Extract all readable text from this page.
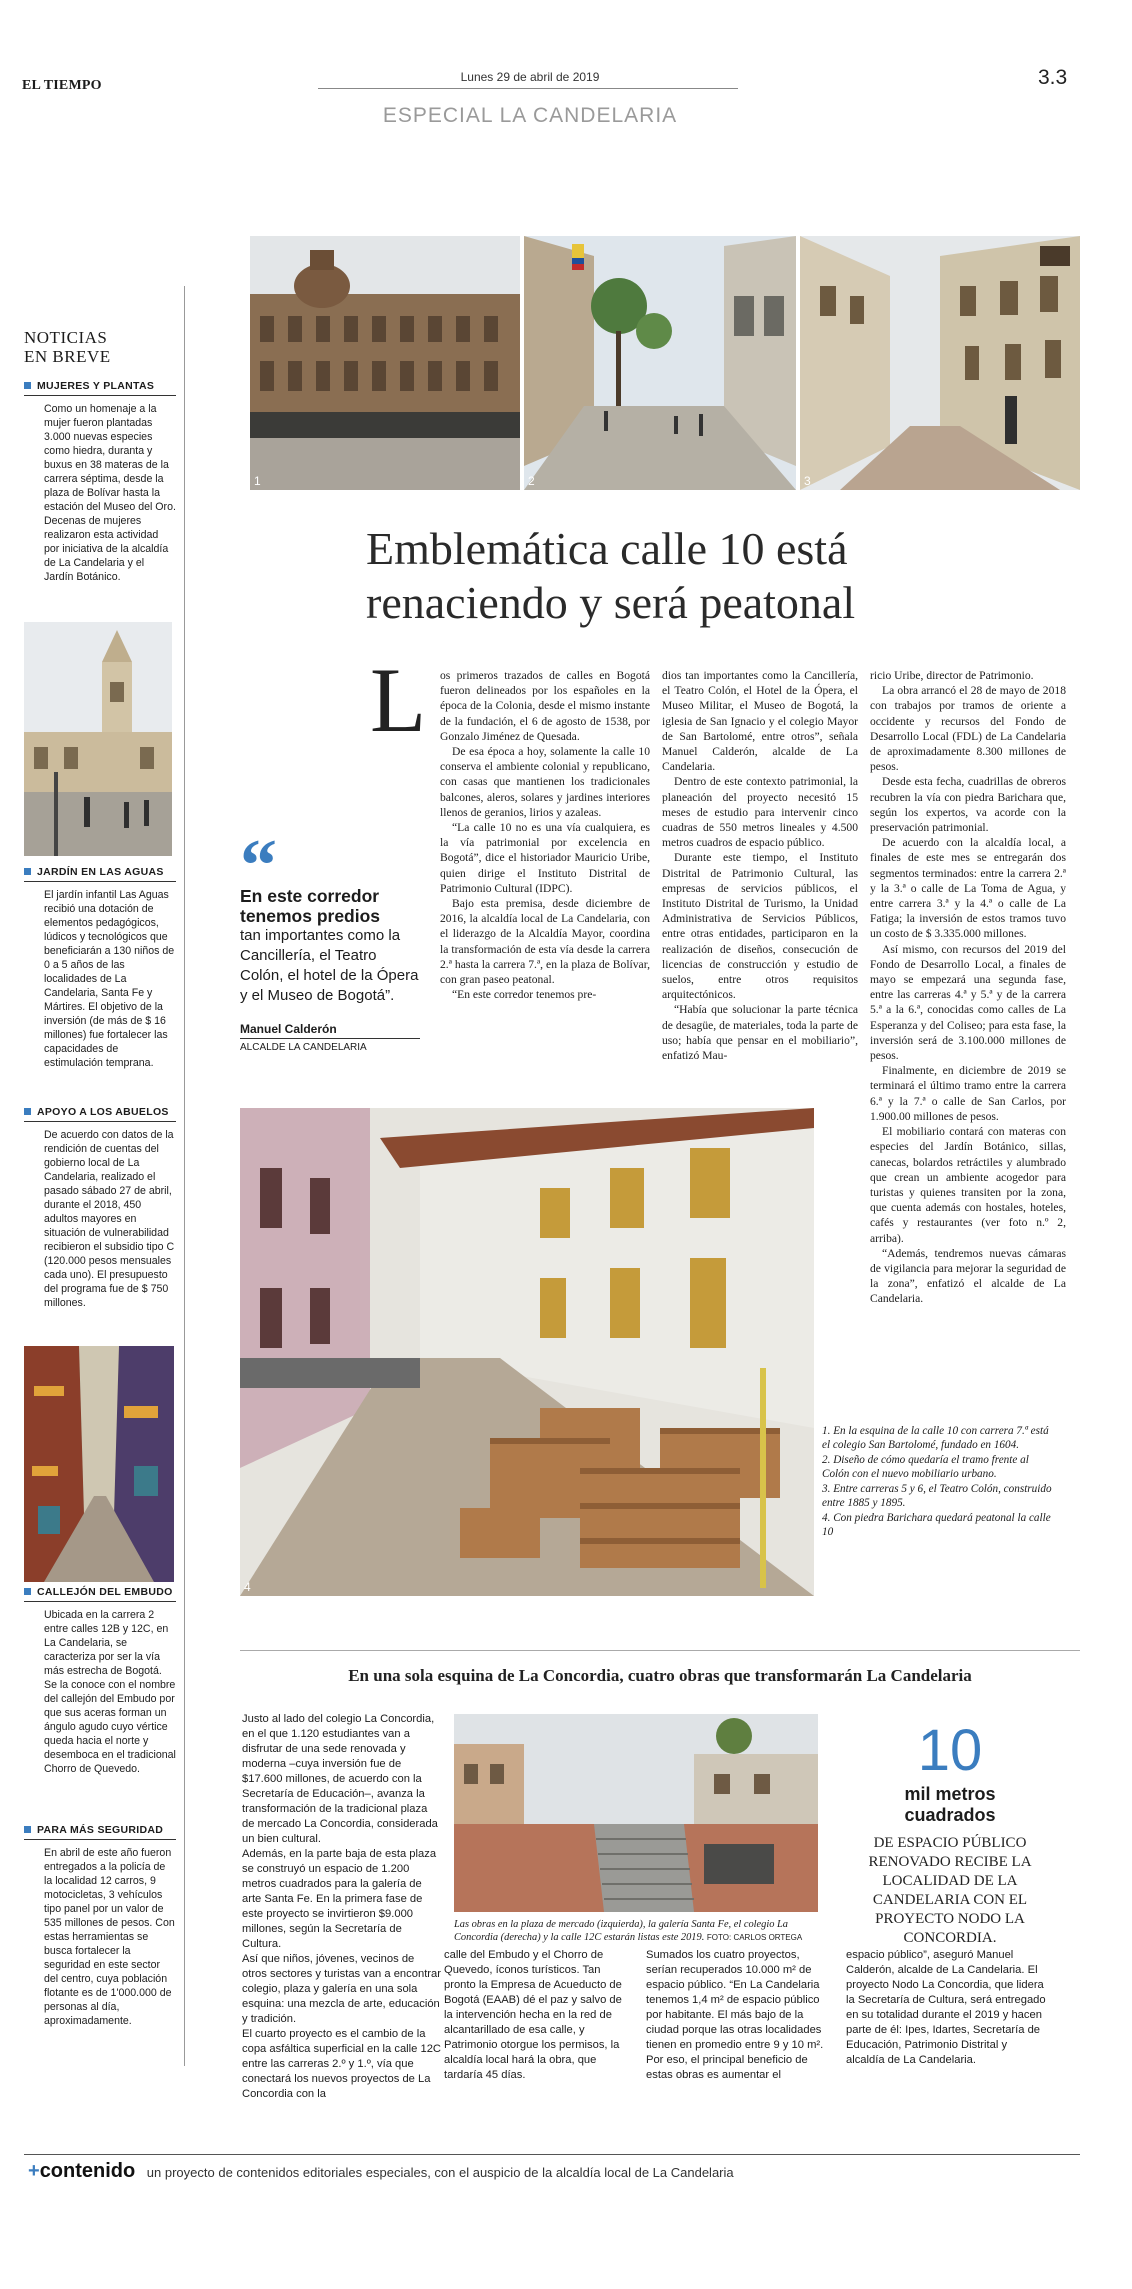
EL TIEMPO
Lunes 29 de abril de 2019	3.3
ESPECIAL LA CANDELARIA
1	2	3
NOTICIAS
EN BREVE
MUJERES Y PLANTAS
Como un homenaje a la mujer fueron plantadas 3.000 nuevas especies como hiedra, duranta y buxus en 38 materas de la carrera séptima, desde la plaza de Bolívar hasta la estación del Museo del Oro. Decenas de mujeres realizaron esta actividad por iniciativa de la alcaldía de La Candelaria y el Jardín Botánico.
JARDÍN EN LAS AGUAS
El jardín infantil Las Aguas recibió una dotación de elementos pedagógicos, lúdicos y tecnológicos que beneficiarán a 130 niños de 0 a 5 años de las localidades de La Candelaria, Santa Fe y Mártires. El objetivo de la inversión (de más de $ 16 millones) fue fortalecer las capacidades de estimulación temprana.
APOYO A LOS ABUELOS
De acuerdo con datos de la rendición de cuentas del gobierno local de La Candelaria, realizado el pasado sábado 27 de abril, durante el 2018, 450 adultos mayores en situación de vulnerabilidad recibieron el subsidio tipo C (120.000 pesos mensuales cada uno). El presupuesto del programa fue de $ 750 millones.
CALLEJÓN DEL EMBUDO
Ubicada en la carrera 2 entre calles 12B y 12C, en La Candelaria, se caracteriza por ser la vía más estrecha de Bogotá. Se la conoce con el nombre del callejón del Embudo por que sus aceras forman un ángulo agudo cuyo vértice queda hacia el norte y desemboca en el tradicional Chorro de Quevedo.
PARA MÁS SEGURIDAD
En abril de este año fueron entregados a la policía de la localidad 12 carros, 9 motocicletas, 3 vehículos tipo panel por un valor de 535 millones de pesos. Con estas herramientas se busca fortalecer la seguridad en este sector del centro, cuya población flotante es de 1'000.000 de personas al día, aproximadamente.
Emblemática calle 10 está
renaciendo y será peatonal
“
En este corredor tenemos predios
tan importantes como la Cancillería, el Teatro Colón, el hotel de la Ópera y el Museo de Bogotá”.
Manuel Calderón
ALCALDE LA CANDELARIA
L os primeros trazados de calles en Bogotá fueron delineados por los españoles en la época de la Colonia, desde el mismo instante de la fundación, el 6 de agosto de 1538, por Gonzalo Jiménez de Quesada.

De esa época a hoy, solamente la calle 10 conserva el ambiente colonial y republicano, con casas que mantienen los tradicionales balcones, aleros, solares y jardines interiores llenos de geranios, lirios y azaleas.

“La calle 10 no es una vía cualquiera, es la vía patrimonial por excelencia en Bogotá”, dice el historiador Mauricio Uribe, quien dirige el Instituto Distrital de Patrimonio Cultural (IDPC).

Bajo esta premisa, desde diciembre de 2016, la alcaldía local de La Candelaria, con el liderazgo de la Alcaldía Mayor, coordina la transformación de esta vía desde la carrera 2.ª hasta la carrera 7.ª, en la plaza de Bolívar, con gran paseo peatonal.

“En este corredor tenemos pre-

dios tan importantes como la Cancillería, el Teatro Colón, el Hotel de la Ópera, el Museo Militar, el Museo de Bogotá, la iglesia de San Ignacio y el colegio Mayor de San Bartolomé, entre otros”, señala Manuel Calderón, alcalde de La Candelaria.

Dentro de este contexto patrimonial, la planeación del proyecto necesitó 15 meses de estudio para intervenir cinco cuadras de 550 metros lineales y 4.500 metros cuadros de espacio público.

Durante este tiempo, el Instituto Distrital de Patrimonio Cultural, las empresas de servicios públicos, el Instituto Distrital de Turismo, la Unidad Administrativa de Servicios Públicos, entre otras entidades, participaron en la realización de diseños, consecución de licencias de construcción y estudio de suelos, entre otros requisitos arquitectónicos.

“Había que solucionar la parte técnica de desagüe, de materiales, toda la parte de uso; había que pensar en el mobiliario”, enfatizó Mau-

ricio Uribe, director de Patrimonio.

La obra arrancó el 28 de mayo de 2018 con trabajos por tramos de oriente a occidente y recursos del Fondo de Desarrollo Local (FDL) de La Candelaria de aproximadamente 8.300 millones de pesos.

Desde esta fecha, cuadrillas de obreros recubren la vía con piedra Barichara que, según los expertos, va acorde con la preservación patrimonial.

De acuerdo con la alcaldía local, a finales de este mes se entregarán dos segmentos terminados: entre la carrera 2.ª y la 3.ª o calle de La Toma de Agua, y entre carrera 3.ª y la 4.ª o calle de La Fatiga; la inversión de estos tramos tuvo un costo de $ 3.335.000 millones.

Así mismo, con recursos del 2019 del Fondo de Desarrollo Local, a finales de mayo se empezará una segunda fase, entre las carreras 4.ª y 5.ª y de la carrera 5.ª a la 6.ª, conocidas como calles de La Esperanza y del Coliseo; para esta fase, la inversión será de 3.100.000 millones de pesos.

Finalmente, en diciembre de 2019 se terminará el último tramo entre la carrera 6.ª y la 7.ª o calle de San Carlos, por 1.900.00 millones de pesos.

El mobiliario contará con materas con especies del Jardín Botánico, sillas, canecas, bolardos retráctiles y alumbrado que crean un ambiente acogedor para turistas y quienes transiten por la zona, que cuenta además con hostales, hoteles, cafés y restaurantes (ver foto n.º 2, arriba).

“Además, tendremos nuevas cámaras de vigilancia para mejorar la seguridad de la zona”, enfatizó el alcalde de La Candelaria.

4
1. En la esquina de la calle 10 con carrera 7.ª está el colegio San Bartolomé, fundado en 1604.
2. Diseño de cómo quedaría el tramo frente al Colón con el nuevo mobiliario urbano.
3. Entre carreras 5 y 6, el Teatro Colón, construido entre 1885 y 1895.
4. Con piedra Barichara quedará peatonal la calle 10
En una sola esquina de La Concordia, cuatro obras que transformarán La Candelaria

Justo al lado del colegio La Concordia, en el que 1.120 estudiantes van a disfrutar de una sede renovada y moderna –cuya inversión fue de $17.600 millones, de acuerdo con la Secretaría de Educación–, avanza la transformación de la tradicional plaza de mercado La Concordia, considerada un bien cultural.

Además, en la parte baja de esta plaza se construyó un espacio de 1.200 metros cuadrados para la galería de arte Santa Fe. En la primera fase de este proyecto se invirtieron $9.000 millones, según la Secretaría de Cultura.

Así que niños, jóvenes, vecinos de otros sectores y turistas van a encontrar colegio, plaza y galería en una sola esquina: una mezcla de arte, educación y tradición.

El cuarto proyecto es el cambio de la copa asfáltica superficial en la calle 12C entre las carreras 2.º y 1.º, vía que conectará los nuevos proyectos de La Concordia con la

Las obras en la plaza de mercado (izquierda), la galería Santa Fe, el colegio La Concordia (derecha) y la calle 12C estarán listas este 2019. FOTO: CARLOS ORTEGA
10
mil metros
cuadrados
DE ESPACIO PÚBLICO RENOVADO RECIBE LA LOCALIDAD DE LA CANDELARIA CON EL PROYECTO NODO LA CONCORDIA.

calle del Embudo y el Chorro de Quevedo, íconos turísticos. Tan pronto la Empresa de Acueducto de Bogotá (EAAB) dé el paz y salvo de la intervención hecha en la red de alcantarillado de esa calle, y Patrimonio otorgue los permisos, la alcaldía local hará la obra, que tardaría 45 días.

Sumados los cuatro proyectos, serían recuperados 10.000 m² de espacio público. “En La Candelaria tenemos 1,4 m² de espacio público por habitante. El más bajo de la ciudad porque las otras localidades tienen en promedio entre 9 y 10 m². Por eso, el principal beneficio de estas obras es aumentar el

espacio público”, aseguró Manuel Calderón, alcalde de La Candelaria. El proyecto Nodo La Concordia, que lidera la Secretaría de Cultura, será entregado en su totalidad durante el 2019 y hacen parte de él: Ipes, Idartes, Secretaría de Educación, Patrimonio Distrital y alcaldía de La Candelaria.

+contenido un proyecto de contenidos editoriales especiales, con el auspicio de la alcaldía local de La Candelaria
